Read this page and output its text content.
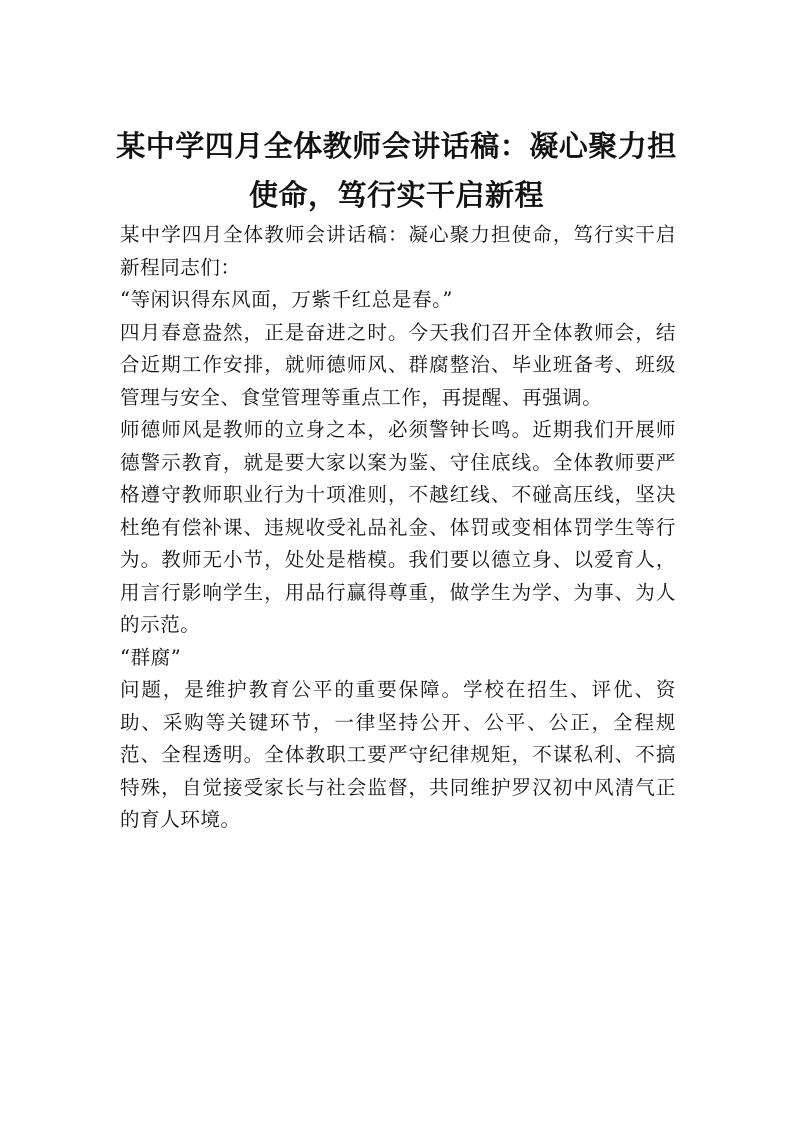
某中学四月全体教师会讲话稿：凝心聚力担使命，笃行实干启新程

某中学四月全体教师会讲话稿：凝心聚力担使命，笃行实干启新程同志们：

“等闲识得东风面，万紫千红总是春。”

四月春意盎然，正是奋进之时。今天我们召开全体教师会，结合近期工作安排，就师德师风、群腐整治、毕业班备考、班级管理与安全、食堂管理等重点工作，再提醒、再强调。

师德师风是教师的立身之本，必须警钟长鸣。近期我们开展师德警示教育，就是要大家以案为鉴、守住底线。全体教师要严格遵守教师职业行为十项准则，不越红线、不碰高压线，坚决杜绝有偿补课、违规收受礼品礼金、体罚或变相体罚学生等行为。教师无小节，处处是楷模。我们要以德立身、以爱育人，用言行影响学生，用品行赢得尊重，做学生为学、为事、为人的示范。

“群腐”

问题，是维护教育公平的重要保障。学校在招生、评优、资助、采购等关键环节，一律坚持公开、公平、公正，全程规范、全程透明。全体教职工要严守纪律规矩，不谋私利、不搞特殊，自觉接受家长与社会监督，共同维护罗汉初中风清气正的育人环境。
